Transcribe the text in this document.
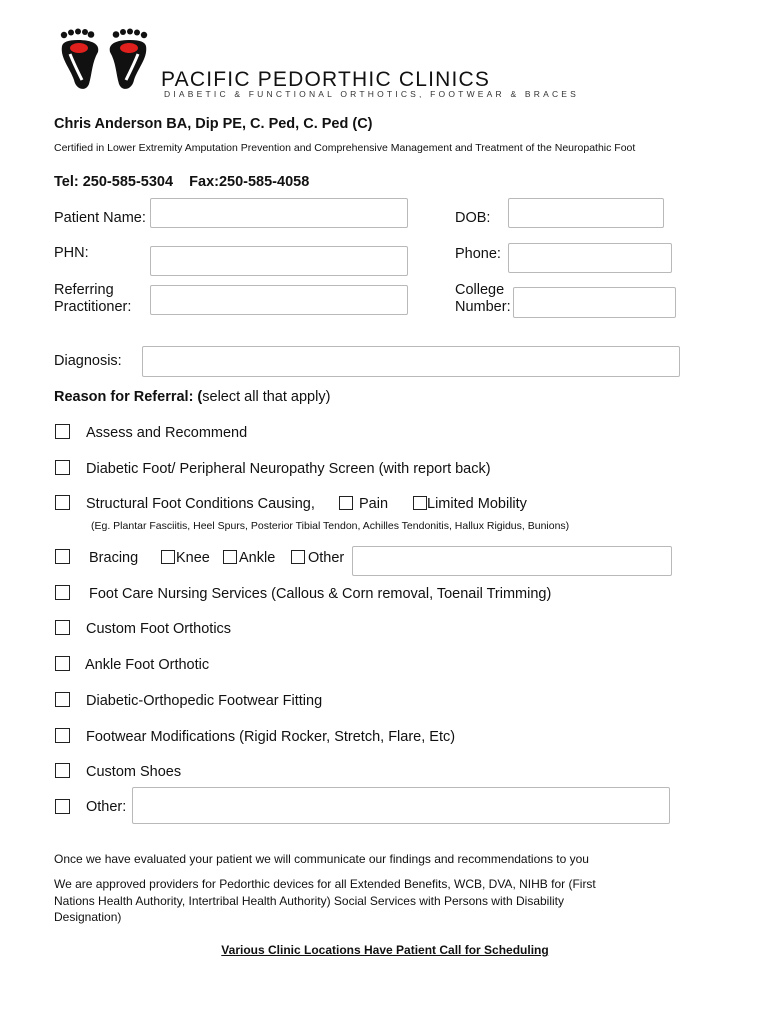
PACIFIC PEDORTHIC CLINICS
DIABETIC & FUNCTIONAL ORTHOTICS, FOOTWEAR & BRACES
Chris Anderson BA, Dip PE, C. Ped, C. Ped (C)
Certified in Lower Extremity Amputation Prevention and Comprehensive Management and Treatment of the Neuropathic Foot
Tel: 250-585-5304    Fax:250-585-4058
Patient Name:	DOB:
PHN:	Phone:
Referring
Practitioner:
College
Number:
Diagnosis:
Reason for Referral: (select all that apply)
Assess and Recommend
Diabetic Foot/ Peripheral Neuropathy Screen (with report back)
Structural Foot Conditions Causing,	Pain	Limited Mobility
(Eg. Plantar Fasciitis, Heel Spurs, Posterior Tibial Tendon, Achilles Tendonitis, Hallux Rigidus, Bunions)
Bracing	Knee Ankle Other
Foot Care Nursing Services (Callous & Corn removal, Toenail Trimming)
Custom Foot Orthotics
Ankle Foot Orthotic
Diabetic-Orthopedic Footwear Fitting
Footwear Modifications (Rigid Rocker, Stretch, Flare, Etc)
Custom Shoes
Other:
Once we have evaluated your patient we will communicate our findings and recommendations to you
We are approved providers for Pedorthic devices for all Extended Benefits, WCB, DVA, NIHB for (First
Nations Health Authority, Intertribal Health Authority) Social Services with Persons with Disability
Designation)
Various Clinic Locations Have Patient Call for Scheduling
